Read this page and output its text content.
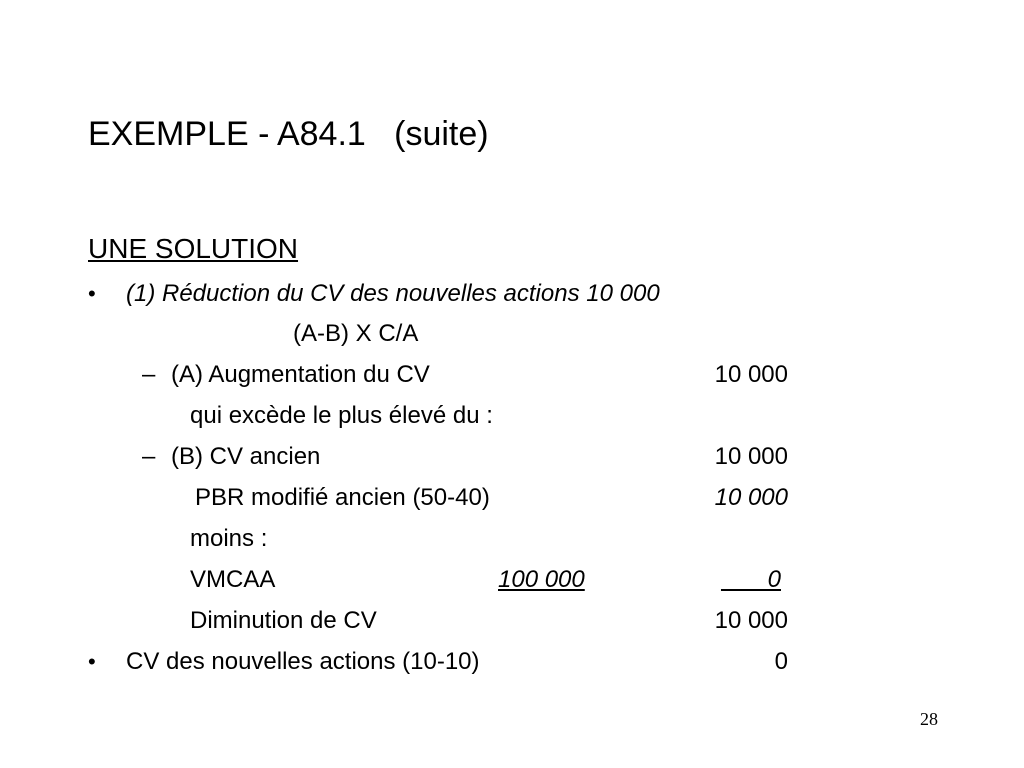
EXEMPLE - A84.1   (suite)
UNE SOLUTION
• (1) Réduction du CV des nouvelles actions 10 000
(A-B) X C/A
– (A) Augmentation du CV	10 000
qui excède le plus élevé du :
– (B) CV ancien	10 000
PBR modifié ancien (50-40)	10 000
moins :
VMCAA	100 000	0
Diminution de CV	10 000
• CV des nouvelles actions (10-10)	0
28
